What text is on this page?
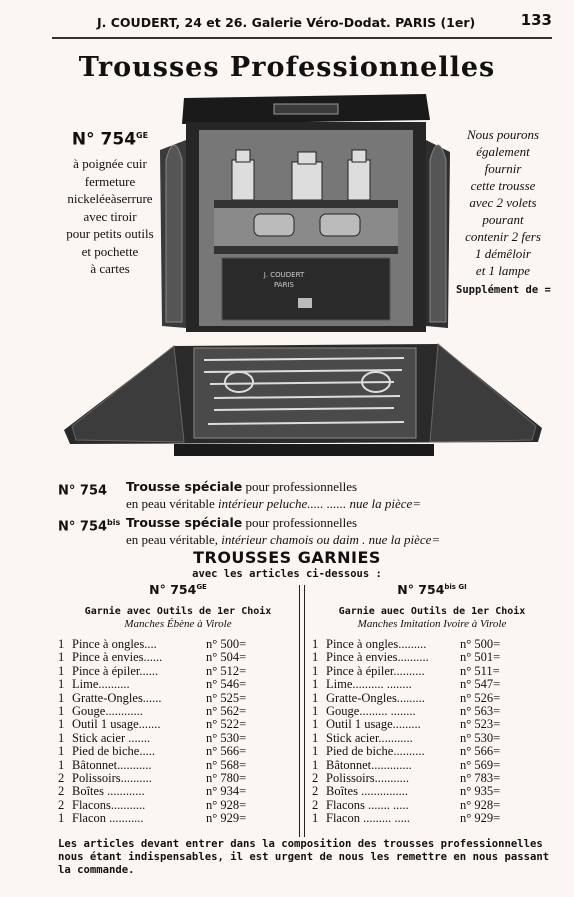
J. COUDERT, 24 et 26. Galerie Véro-Dodat. PARIS (1er)	133
Trousses Professionnelles
J. COUDERT
PARIS
N° $754^{GE}$
à poignée cuir
fermeture
nickeléeàserrure
avec tiroir
pour petits outils
et pochette
à cartes
Nous pourons
également
fournir
cette trousse
avec 2 volets
pourant
contenir 2 fers
1 démêloir
et 1 lampe
Supplément de =
N° 754 Trousse spéciale pour professionnelles
en peau véritable intérieur peluche..... ...... nue la pièce=
N° $754^{bis}$ Trousse spéciale pour professionnelles
en peau véritable, intérieur chamois ou daim . nue la pièce=
TROUSSES GARNIES
avec les articles ci-dessous :
N° $754^{GE}$
Garnie avec Outils de 1er Choix
Manches Ébène à Virole
1 Pince à ongles....	n° 500=
1 Pince à envies......	n° 504=
1 Pince à épiler......	n° 512=
1 Lime..........	n° 546=
1 Gratte-Ongles......	n° 525=
1 Gouge............	n° 562=
1 Outil 1 usage.......	n° 522=
1 Stick acier .......	n° 530=
1 Pied de biche.....	n° 566=
1 Bâtonnet...........	n° 568=
2 Polissoirs..........	n° 780=
2 Boîtes ............	n° 934=
2 Flacons...........	n° 928=
1 Flacon ...........	n° 929=
N° $754^{bis GI}$
Garnie auec Outils de 1er Choix
Manches Imitation Ivoire à Virole
1 Pince à ongles.........	n° 500=
1 Pince à envies.......... n° 501=
1 Pince à épiler..........	n° 511=
1 Lime.......... ........	n° 547=
1 Gratte-Ongles.........	n° 526=
1 Gouge......... ........	n° 563=
1 Outil 1 usage.........	n° 523=
1 Stick acier...........	n° 530=
1 Pied de biche..........	n° 566=
1 Bâtonnet.............	n° 569=
2 Polissoirs...........	n° 783=
2 Boîtes ...............	n° 935=
2 Flacons ....... .....	n° 928=
1 Flacon ......... .....	n° 929=
Les articles devant entrer dans la composition des trousses professionnelles nous étant indispensables, il est urgent de nous les remettre en nous passant la commande.
